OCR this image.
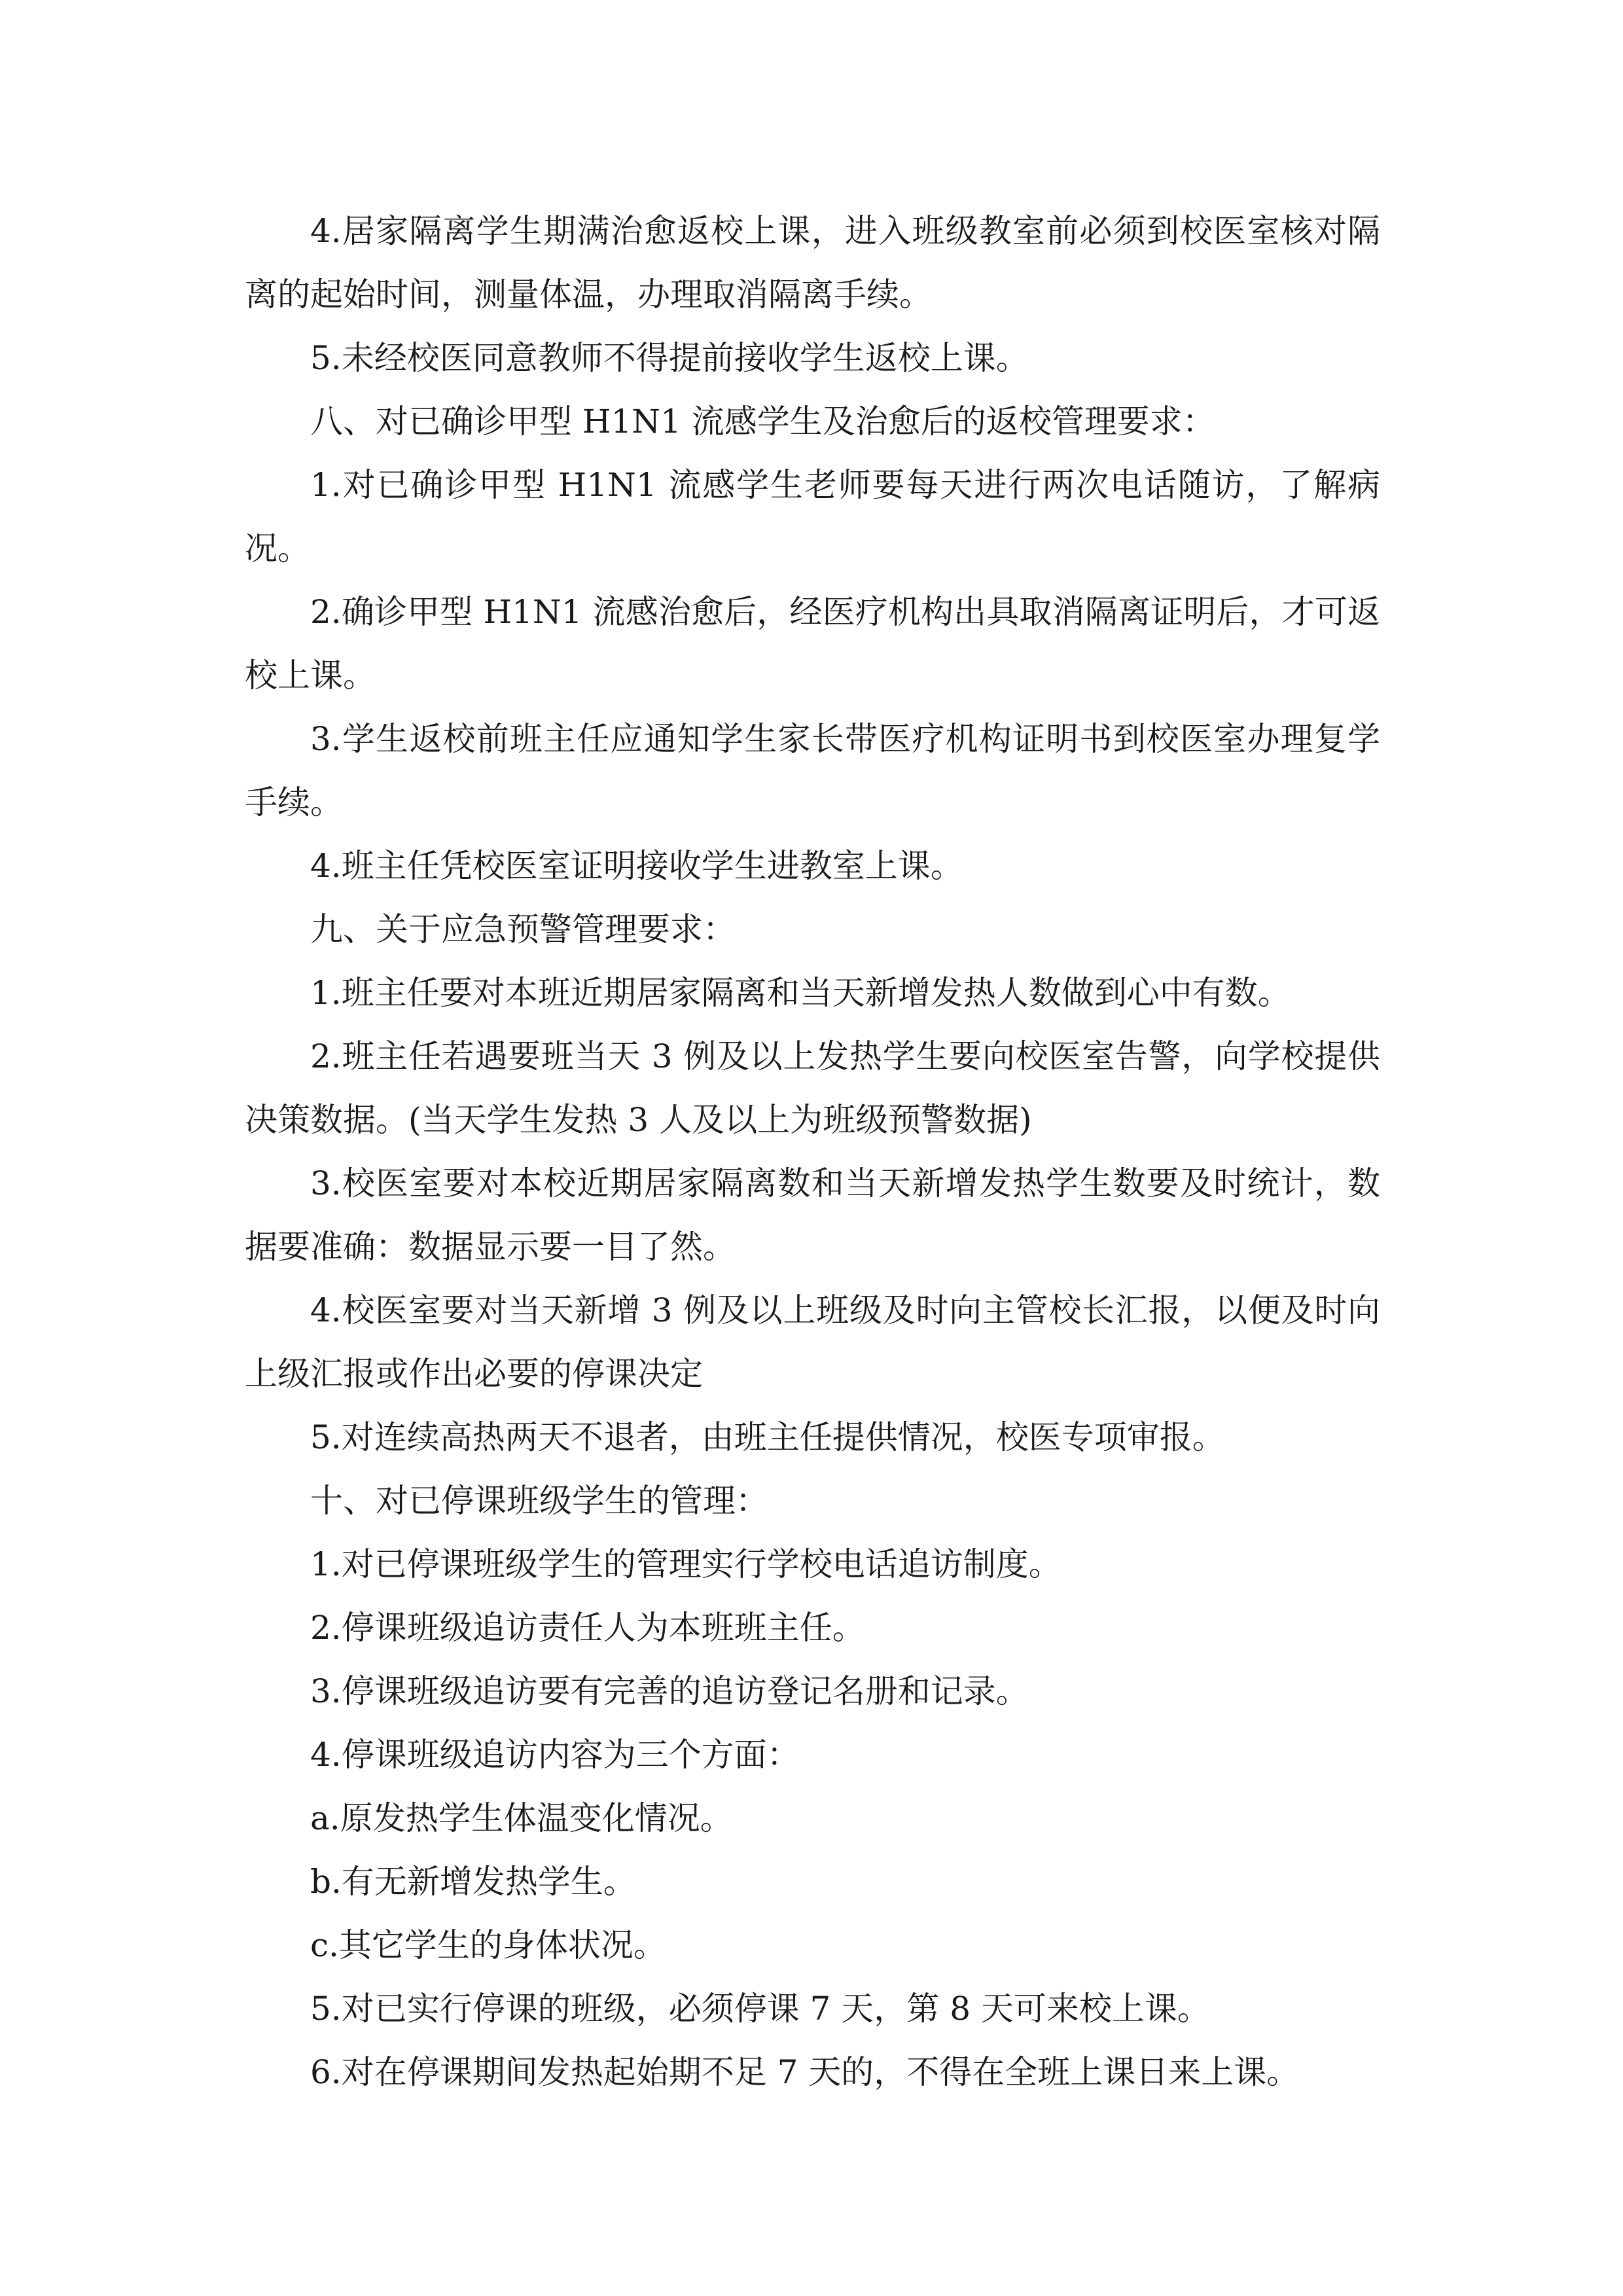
4.居家隔离学生期满治愈返校上课，进入班级教室前必须到校医室核对隔离的起始时间，测量体温，办理取消隔离手续。

5.未经校医同意教师不得提前接收学生返校上课。

八、对已确诊甲型 H1N1 流感学生及治愈后的返校管理要求：

1.对已确诊甲型 H1N1 流感学生老师要每天进行两次电话随访，了解病况。

2.确诊甲型 H1N1 流感治愈后，经医疗机构出具取消隔离证明后，才可返校上课。

3.学生返校前班主任应通知学生家长带医疗机构证明书到校医室办理复学手续。

4.班主任凭校医室证明接收学生进教室上课。

九、关于应急预警管理要求：

1.班主任要对本班近期居家隔离和当天新增发热人数做到心中有数。

2.班主任若遇要班当天 3 例及以上发热学生要向校医室告警，向学校提供决策数据。(当天学生发热 3 人及以上为班级预警数据)

3.校医室要对本校近期居家隔离数和当天新增发热学生数要及时统计，数据要准确：数据显示要一目了然。

4.校医室要对当天新增 3 例及以上班级及时向主管校长汇报，以便及时向上级汇报或作出必要的停课决定

5.对连续高热两天不退者，由班主任提供情况，校医专项审报。

十、对已停课班级学生的管理：

1.对已停课班级学生的管理实行学校电话追访制度。

2.停课班级追访责任人为本班班主任。

3.停课班级追访要有完善的追访登记名册和记录。

4.停课班级追访内容为三个方面：

a.原发热学生体温变化情况。

b.有无新增发热学生。

c.其它学生的身体状况。

5.对已实行停课的班级，必须停课 7 天，第 8 天可来校上课。

6.对在停课期间发热起始期不足 7 天的，不得在全班上课日来上课。
